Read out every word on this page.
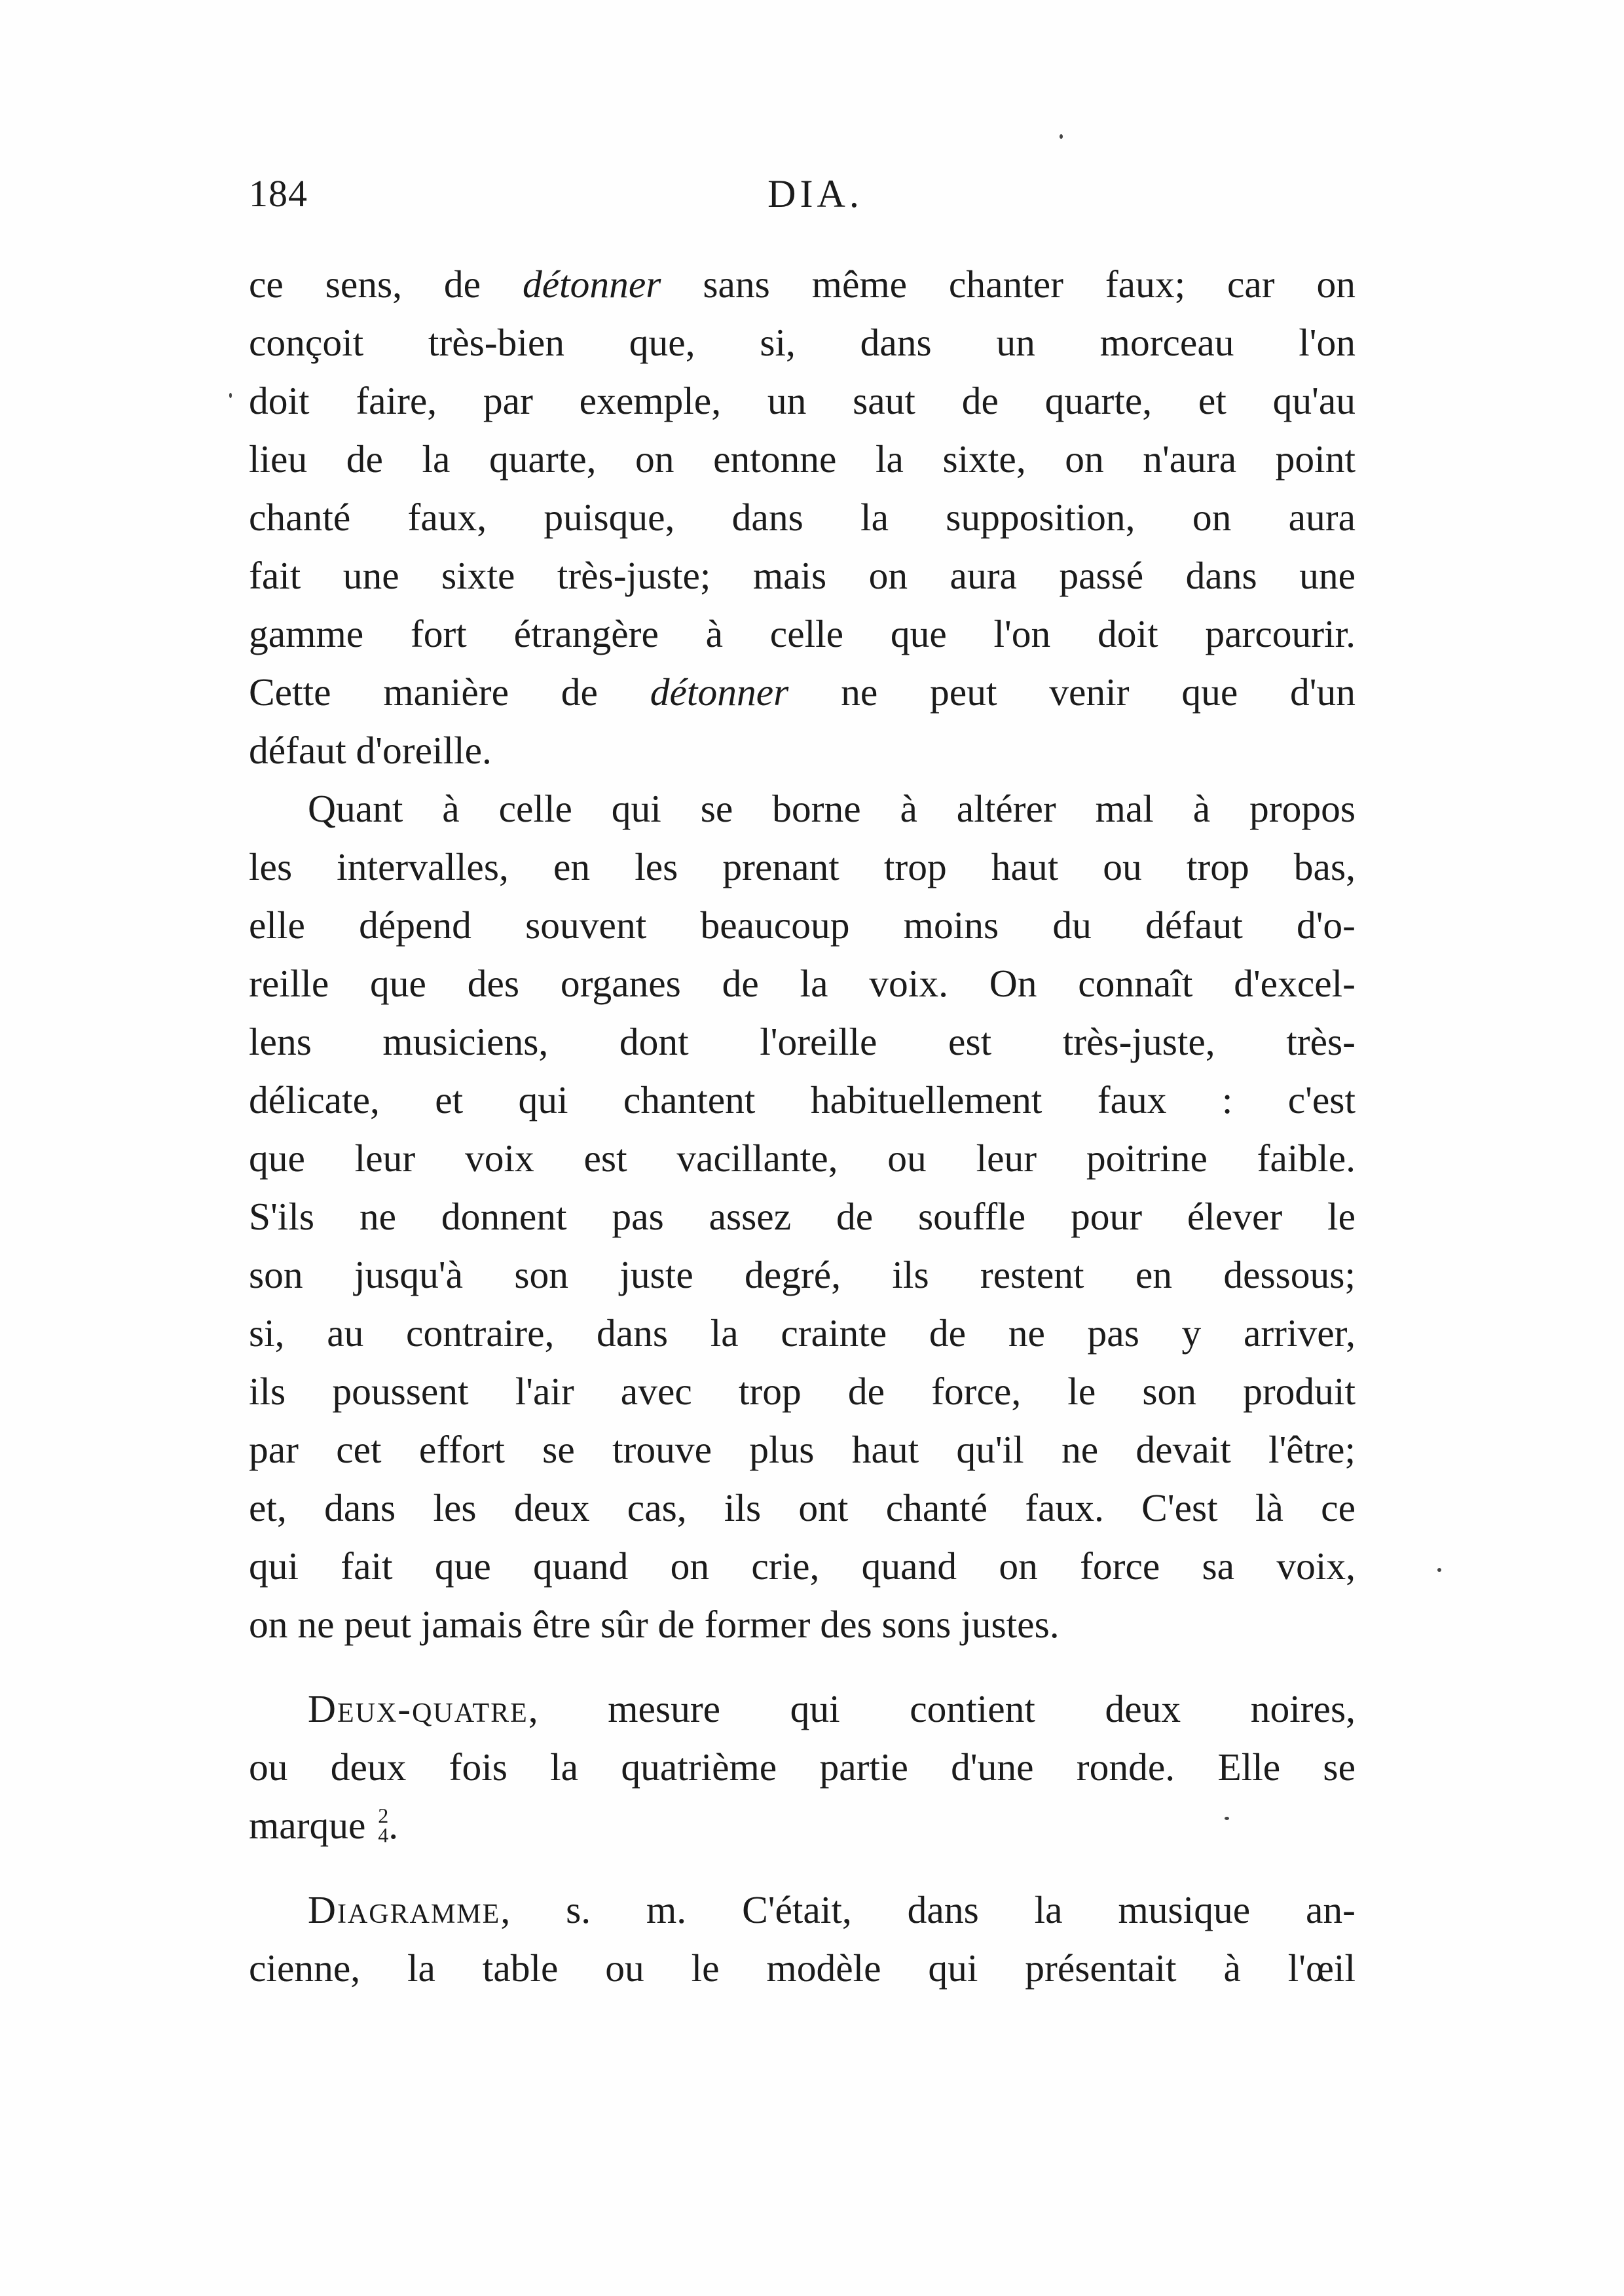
184	DIA.
ce sens, de détonner sans même chanter faux; car on
conçoit très-bien que, si, dans un morceau l'on
doit faire, par exemple, un saut de quarte, et qu'au
lieu de la quarte, on entonne la sixte, on n'aura point
chanté faux, puisque, dans la supposition, on aura
fait une sixte très-juste; mais on aura passé dans une
gamme fort étrangère à celle que l'on doit parcourir.
Cette manière de détonner ne peut venir que d'un
défaut d'oreille.
Quant à celle qui se borne à altérer mal à propos
les intervalles, en les prenant trop haut ou trop bas,
elle dépend souvent beaucoup moins du défaut d'o-
reille que des organes de la voix. On connaît d'excel-
lens musiciens, dont l'oreille est très-juste, très-
délicate, et qui chantent habituellement faux : c'est
que leur voix est vacillante, ou leur poitrine faible.
S'ils ne donnent pas assez de souffle pour élever le
son jusqu'à son juste degré, ils restent en dessous;
si, au contraire, dans la crainte de ne pas y arriver,
ils poussent l'air avec trop de force, le son produit
par cet effort se trouve plus haut qu'il ne devait l'être;
et, dans les deux cas, ils ont chanté faux. C'est là ce
qui fait que quand on crie, quand on force sa voix,
on ne peut jamais être sûr de former des sons justes.
Deux-quatre, mesure qui contient deux noires,
ou deux fois la quatrième partie d'une ronde. Elle se
marque 2
4 .
Diagramme, s. m. C'était, dans la musique an-
cienne, la table ou le modèle qui présentait à l'œil
